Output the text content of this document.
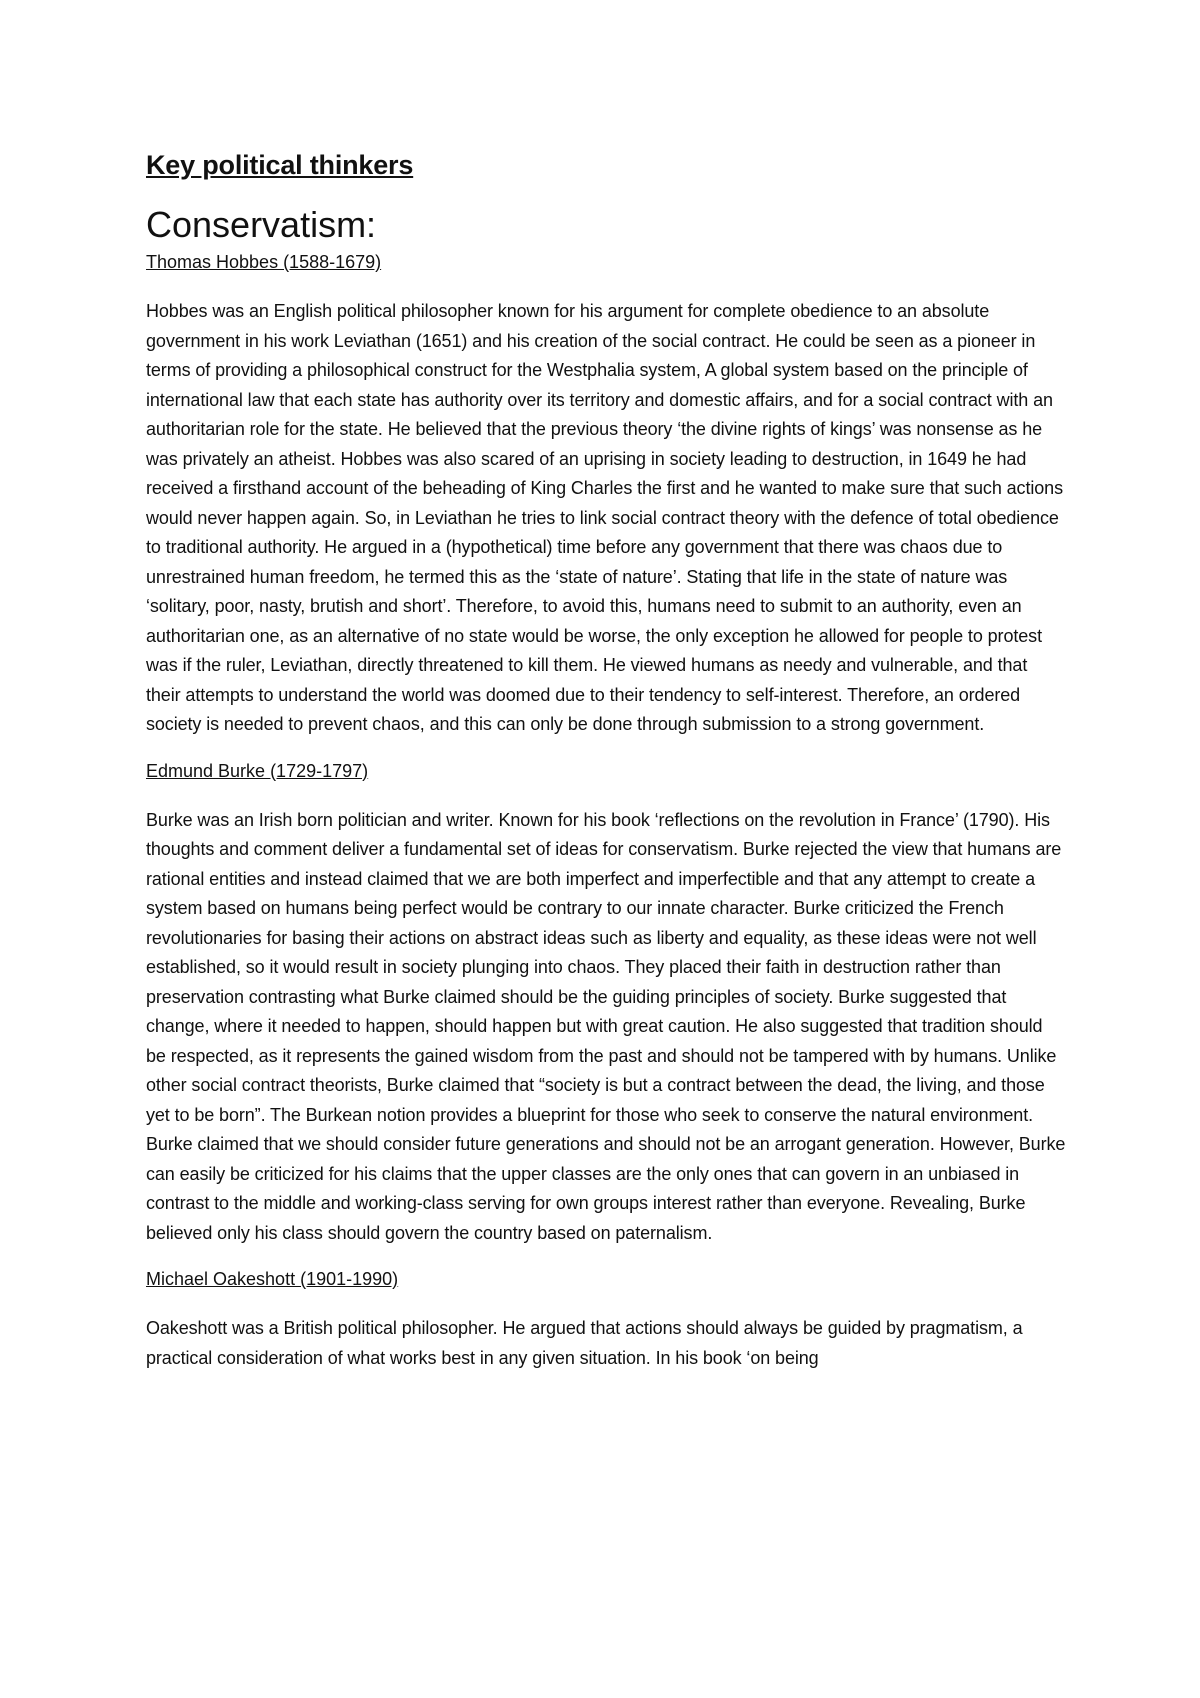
Key political thinkers
Conservatism:
Thomas Hobbes (1588-1679)

Hobbes was an English political philosopher known for his argument for complete obedience to an absolute government in his work Leviathan (1651) and his creation of the social contract. He could be seen as a pioneer in terms of providing a philosophical construct for the Westphalia system, A global system based on the principle of international law that each state has authority over its territory and domestic affairs, and for a social contract with an authoritarian role for the state. He believed that the previous theory ‘the divine rights of kings’ was nonsense as he was privately an atheist. Hobbes was also scared of an uprising in society leading to destruction, in 1649 he had received a firsthand account of the beheading of King Charles the first and he wanted to make sure that such actions would never happen again. So, in Leviathan he tries to link social contract theory with the defence of total obedience to traditional authority. He argued in a (hypothetical) time before any government that there was chaos due to unrestrained human freedom, he termed this as the ‘state of nature’. Stating that life in the state of nature was ‘solitary, poor, nasty, brutish and short’. Therefore, to avoid this, humans need to submit to an authority, even an authoritarian one, as an alternative of no state would be worse, the only exception he allowed for people to protest was if the ruler, Leviathan, directly threatened to kill them. He viewed humans as needy and vulnerable, and that their attempts to understand the world was doomed due to their tendency to self-interest. Therefore, an ordered society is needed to prevent chaos, and this can only be done through submission to a strong government.

Edmund Burke (1729-1797)

Burke was an Irish born politician and writer. Known for his book ‘reflections on the revolution in France’ (1790). His thoughts and comment deliver a fundamental set of ideas for conservatism. Burke rejected the view that humans are rational entities and instead claimed that we are both imperfect and imperfectible and that any attempt to create a system based on humans being perfect would be contrary to our innate character. Burke criticized the French revolutionaries for basing their actions on abstract ideas such as liberty and equality, as these ideas were not well established, so it would result in society plunging into chaos. They placed their faith in destruction rather than preservation contrasting what Burke claimed should be the guiding principles of society. Burke suggested that change, where it needed to happen, should happen but with great caution. He also suggested that tradition should be respected, as it represents the gained wisdom from the past and should not be tampered with by humans. Unlike other social contract theorists, Burke claimed that “society is but a contract between the dead, the living, and those yet to be born”. The Burkean notion provides a blueprint for those who seek to conserve the natural environment. Burke claimed that we should consider future generations and should not be an arrogant generation. However, Burke can easily be criticized for his claims that the upper classes are the only ones that can govern in an unbiased in contrast to the middle and working-class serving for own groups interest rather than everyone. Revealing, Burke believed only his class should govern the country based on paternalism.

Michael Oakeshott (1901-1990)

Oakeshott was a British political philosopher. He argued that actions should always be guided by pragmatism, a practical consideration of what works best in any given situation. In his book ‘on being
